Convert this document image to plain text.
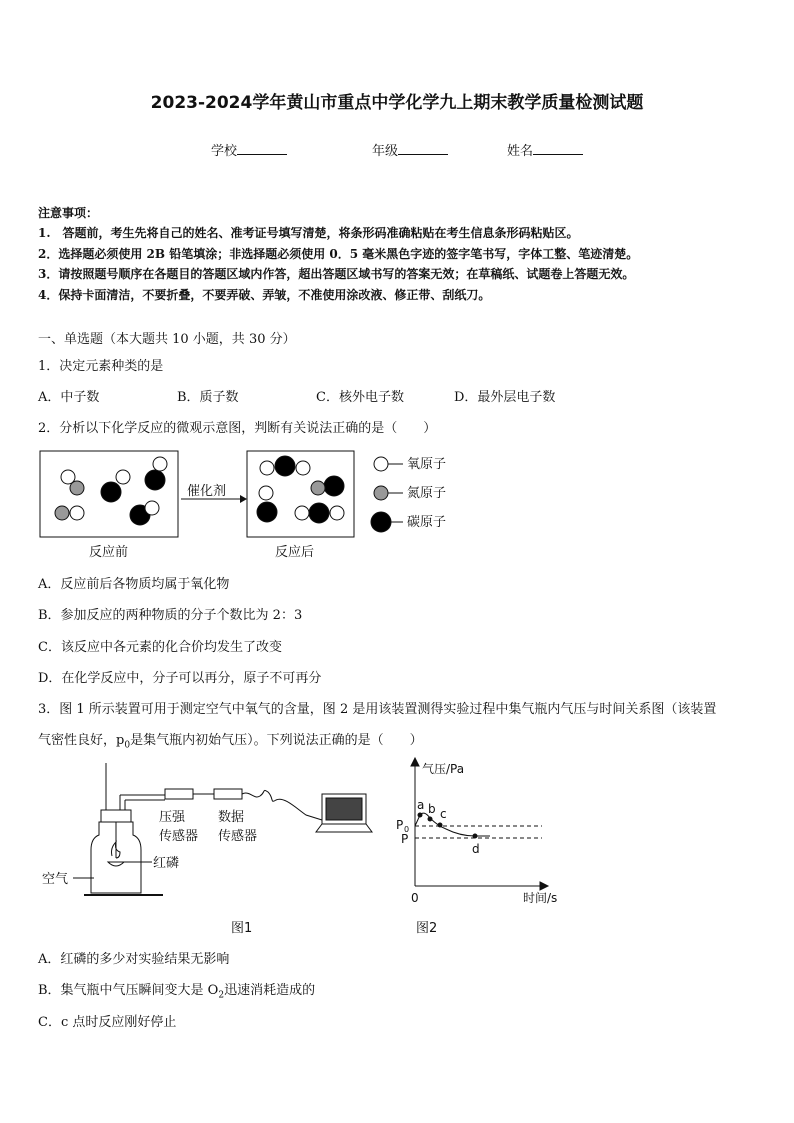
2023-2024学年黄山市重点中学化学九上期末教学质量检测试题
学校	年级	姓名
注意事项：
1.　答题前，考生先将自己的姓名、准考证号填写清楚，将条形码准确粘贴在考生信息条形码粘贴区。
2．选择题必须使用 2B 铅笔填涂；非选择题必须使用 0．5 毫米黑色字迹的签字笔书写，字体工整、笔迹清楚。
3．请按照题号顺序在各题目的答题区域内作答，超出答题区域书写的答案无效；在草稿纸、试题卷上答题无效。
4．保持卡面清洁，不要折叠，不要弄破、弄皱，不准使用涂改液、修正带、刮纸刀。
一、单选题（本大题共 10 小题，共 30 分）
1．决定元素种类的是
A．中子数	B．质子数	C．核外电子数	D．最外层电子数
2．分析以下化学反应的微观示意图，判断有关说法正确的是（　　）
催化剂
反应前	反应后
氧原子
氮原子
碳原子
A．反应前后各物质均属于氧化物
B．参加反应的两种物质的分子个数比为 2：3
C．该反应中各元素的化合价均发生了改变
D．在化学反应中，分子可以再分，原子不可再分
3．图 1 所示装置可用于测定空气中氧气的含量，图 2 是用该装置测得实验过程中集气瓶内气压与时间关系图（该装置
气密性良好，$p_0$是集气瓶内初始气压）。下列说法正确的是（　　）
压强
传感器
数据
传感器
红磷
空气
图1
气压/Pa
时间/s
0
P 0
P
a b c
d
图2
A．红磷的多少对实验结果无影响
B．集气瓶中气压瞬间变大是 $O_2$迅速消耗造成的
C．c 点时反应刚好停止
